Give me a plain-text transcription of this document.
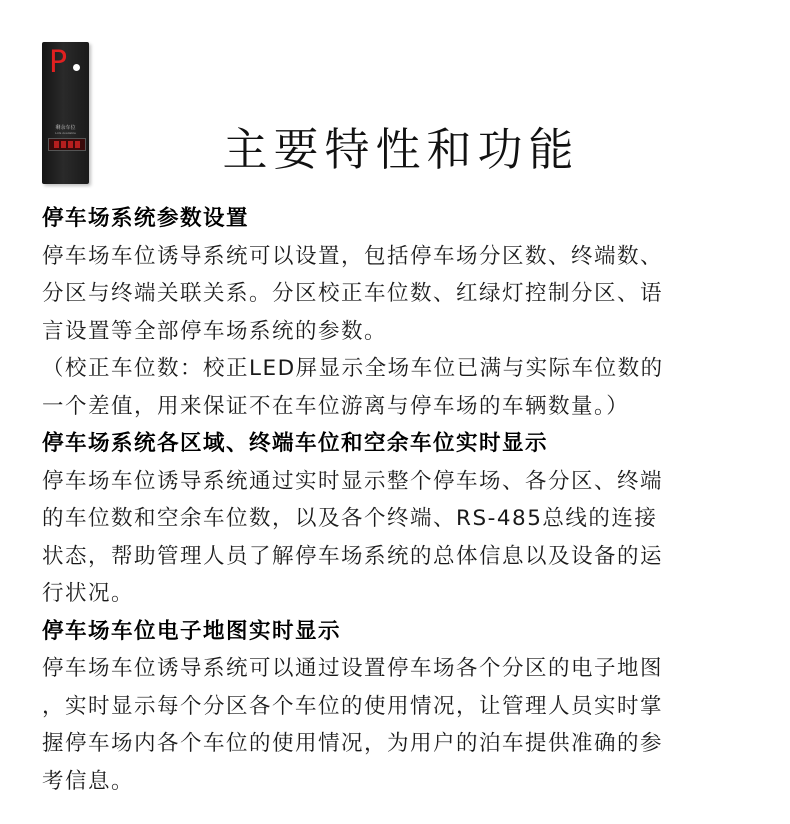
P
剩余车位
Lots Available	主要特性和功能
停车场系统参数设置
停车场车位诱导系统可以设置，包括停车场分区数、终端数、
分区与终端关联关系。分区校正车位数、红绿灯控制分区、语
言设置等全部停车场系统的参数。
（校正车位数：校正LED屏显示全场车位已满与实际车位数的
一个差值，用来保证不在车位游离与停车场的车辆数量。）
停车场系统各区域、终端车位和空余车位实时显示
停车场车位诱导系统通过实时显示整个停车场、各分区、终端
的车位数和空余车位数，以及各个终端、RS-485总线的连接
状态，帮助管理人员了解停车场系统的总体信息以及设备的运
行状况。
停车场车位电子地图实时显示
停车场车位诱导系统可以通过设置停车场各个分区的电子地图
，实时显示每个分区各个车位的使用情况，让管理人员实时掌
握停车场内各个车位的使用情况，为用户的泊车提供准确的参
考信息。
